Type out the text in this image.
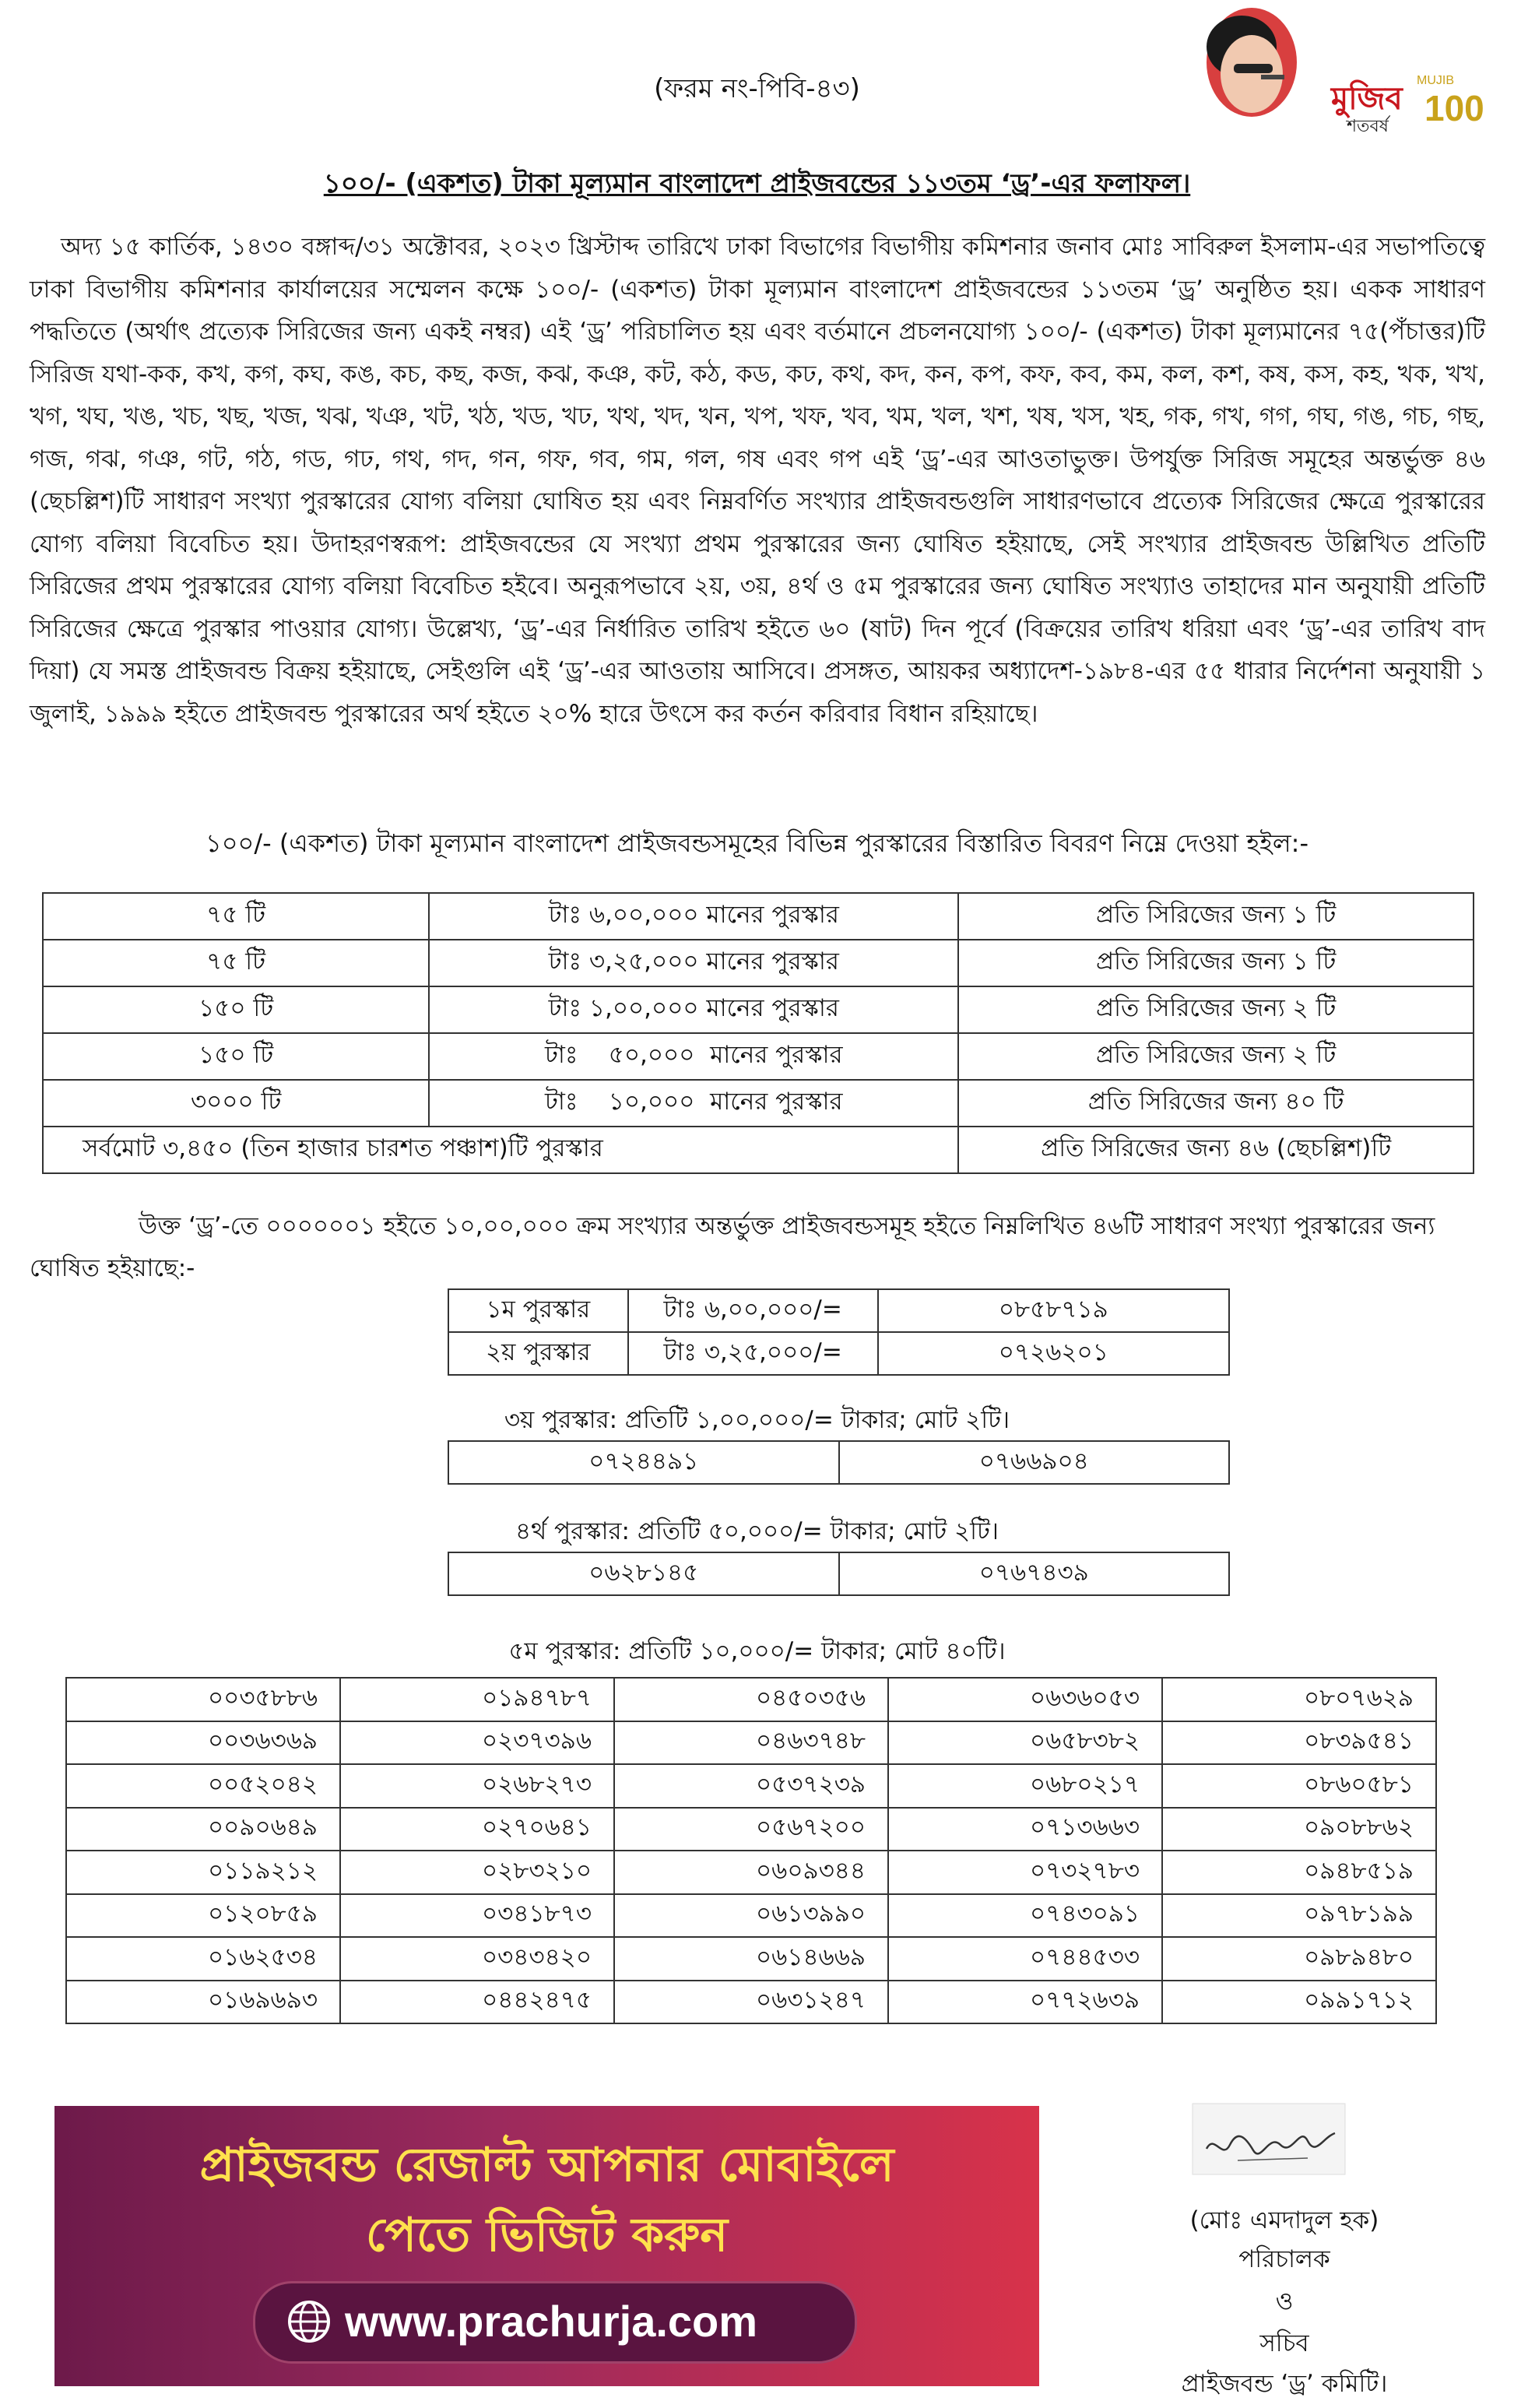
মুজিব
শতবর্ষ
MUJIB
100
(ফরম নং-পিবি-৪৩)
১০০/- (একশত) টাকা মূল্যমান বাংলাদেশ প্রাইজবন্ডের ১১৩তম ‘ড্র’-এর ফলাফল।
অদ্য ১৫ কার্তিক, ১৪৩০ বঙ্গাব্দ/৩১ অক্টোবর, ২০২৩ খ্রিস্টাব্দ তারিখে ঢাকা বিভাগের বিভাগীয় কমিশনার জনাব মোঃ সাবিরুল ইসলাম-এর সভাপতিত্বে ঢাকা বিভাগীয় কমিশনার কার্যালয়ের সম্মেলন কক্ষে ১০০/- (একশত) টাকা মূল্যমান বাংলাদেশ প্রাইজবন্ডের ১১৩তম ‘ড্র’ অনুষ্ঠিত হয়। একক সাধারণ পদ্ধতিতে (অর্থাৎ প্রত্যেক সিরিজের জন্য একই নম্বর) এই ‘ড্র’ পরিচালিত হয় এবং বর্তমানে প্রচলনযোগ্য ১০০/- (একশত) টাকা মূল্যমানের ৭৫(পঁচাত্তর)টি সিরিজ যথা-কক, কখ, কগ, কঘ, কঙ, কচ, কছ, কজ, কঝ, কঞ, কট, কঠ, কড, কঢ, কথ, কদ, কন, কপ, কফ, কব, কম, কল, কশ, কষ, কস, কহ, খক, খখ, খগ, খঘ, খঙ, খচ, খছ, খজ, খঝ, খঞ, খট, খঠ, খড, খঢ, খথ, খদ, খন, খপ, খফ, খব, খম, খল, খশ, খষ, খস, খহ, গক, গখ, গগ, গঘ, গঙ, গচ, গছ, গজ, গঝ, গঞ, গট, গঠ, গড, গঢ, গথ, গদ, গন, গফ, গব, গম, গল, গষ এবং গপ এই ‘ড্র’-এর আওতাভুক্ত। উপর্যুক্ত সিরিজ সমূহের অন্তর্ভুক্ত ৪৬ (ছেচল্লিশ)টি সাধারণ সংখ্যা পুরস্কারের যোগ্য বলিয়া ঘোষিত হয় এবং নিম্নবর্ণিত সংখ্যার প্রাইজবন্ডগুলি সাধারণভাবে প্রত্যেক সিরিজের ক্ষেত্রে পুরস্কারের যোগ্য বলিয়া বিবেচিত হয়। উদাহরণস্বরূপ: প্রাইজবন্ডের যে সংখ্যা প্রথম পুরস্কারের জন্য ঘোষিত হইয়াছে, সেই সংখ্যার প্রাইজবন্ড উল্লিখিত প্রতিটি সিরিজের প্রথম পুরস্কারের যোগ্য বলিয়া বিবেচিত হইবে। অনুরূপভাবে ২য়, ৩য়, ৪র্থ ও ৫ম পুরস্কারের জন্য ঘোষিত সংখ্যাও তাহাদের মান অনুযায়ী প্রতিটি সিরিজের ক্ষেত্রে পুরস্কার পাওয়ার যোগ্য। উল্লেখ্য, ‘ড্র’-এর নির্ধারিত তারিখ হইতে ৬০ (ষাট) দিন পূর্বে (বিক্রয়ের তারিখ ধরিয়া এবং ‘ড্র’-এর তারিখ বাদ দিয়া) যে সমস্ত প্রাইজবন্ড বিক্রয় হইয়াছে, সেইগুলি এই ‘ড্র’-এর আওতায় আসিবে। প্রসঙ্গত, আয়কর অধ্যাদেশ-১৯৮৪-এর ৫৫ ধারার নির্দেশনা অনুযায়ী ১ জুলাই, ১৯৯৯ হইতে প্রাইজবন্ড পুরস্কারের অর্থ হইতে ২০% হারে উৎসে কর কর্তন করিবার বিধান রহিয়াছে।
১০০/- (একশত) টাকা মূল্যমান বাংলাদেশ প্রাইজবন্ডসমূহের বিভিন্ন পুরস্কারের বিস্তারিত বিবরণ নিম্নে দেওয়া হইল:-
৭৫ টি	টাঃ ৬,০০,০০০ মানের পুরস্কার	প্রতি সিরিজের জন্য ১ টি
৭৫ টি	টাঃ ৩,২৫,০০০ মানের পুরস্কার	প্রতি সিরিজের জন্য ১ টি
১৫০ টি	টাঃ ১,০০,০০০ মানের পুরস্কার	প্রতি সিরিজের জন্য ২ টি
১৫০ টি	টাঃ    ৫০,০০০  মানের পুরস্কার	প্রতি সিরিজের জন্য ২ টি
৩০০০ টি	টাঃ    ১০,০০০  মানের পুরস্কার	প্রতি সিরিজের জন্য ৪০ টি
সর্বমোট ৩,৪৫০ (তিন হাজার চারশত পঞ্চাশ)টি পুরস্কার		প্রতি সিরিজের জন্য ৪৬ (ছেচল্লিশ)টি
উক্ত ‘ড্র’-তে ০০০০০০১ হইতে ১০,০০,০০০ ক্রম সংখ্যার অন্তর্ভুক্ত প্রাইজবন্ডসমূহ হইতে নিম্নলিখিত ৪৬টি সাধারণ সংখ্যা পুরস্কারের জন্য ঘোষিত হইয়াছে:-
১ম পুরস্কার	টাঃ ৬,০০,০০০/=	০৮৫৮৭১৯
২য় পুরস্কার	টাঃ ৩,২৫,০০০/=	০৭২৬২০১
৩য় পুরস্কার: প্রতিটি ১,০০,০০০/= টাকার; মোট ২টি।
০৭২৪৪৯১	০৭৬৬৯০৪
৪র্থ পুরস্কার: প্রতিটি ৫০,০০০/= টাকার; মোট ২টি।
০৬২৮১৪৫	০৭৬৭৪৩৯
৫ম পুরস্কার: প্রতিটি ১০,০০০/= টাকার; মোট ৪০টি।
০০৩৫৮৮৬	০১৯৪৭৮৭	০৪৫০৩৫৬	০৬৩৬০৫৩	০৮০৭৬২৯
০০৩৬৩৬৯	০২৩৭৩৯৬	০৪৬৩৭৪৮	০৬৫৮৩৮২	০৮৩৯৫৪১
০০৫২০৪২	০২৬৮২৭৩	০৫৩৭২৩৯	০৬৮০২১৭	০৮৬০৫৮১
০০৯০৬৪৯	০২৭০৬৪১	০৫৬৭২০০	০৭১৩৬৬৩	০৯০৮৮৬২
০১১৯২১২	০২৮৩২১০	০৬০৯৩৪৪	০৭৩২৭৮৩	০৯৪৮৫১৯
০১২০৮৫৯	০৩৪১৮৭৩	০৬১৩৯৯০	০৭৪৩০৯১	০৯৭৮১৯৯
০১৬২৫৩৪	০৩৪৩৪২০	০৬১৪৬৬৯	০৭৪৪৫৩৩	০৯৮৯৪৮০
০১৬৯৬৯৩	০৪৪২৪৭৫	০৬৩১২৪৭	০৭৭২৬৩৯	০৯৯১৭১২
প্রাইজবন্ড রেজাল্ট আপনার মোবাইলে
পেতে ভিজিট করুন
www.prachurja.com
(মোঃ এমদাদুল হক)
পরিচালক
ও
সচিব
প্রাইজবন্ড ‘ড্র’ কমিটি।
